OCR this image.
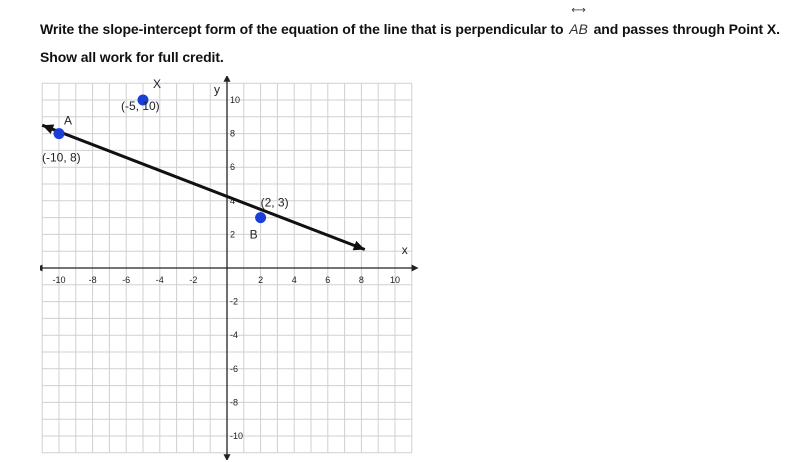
Write the slope-intercept form of the equation of the line that is perpendicular to
⟷
AB and passes through Point X. Show all work for full credit.
x
y
-10	-8	-6	-4	-2	2	4	6	8	10
10
8
6
4
2
-2
-4
-6
-8
-10
A
(-10, 8)
B
(2, 3)
X
(-5, 10)
